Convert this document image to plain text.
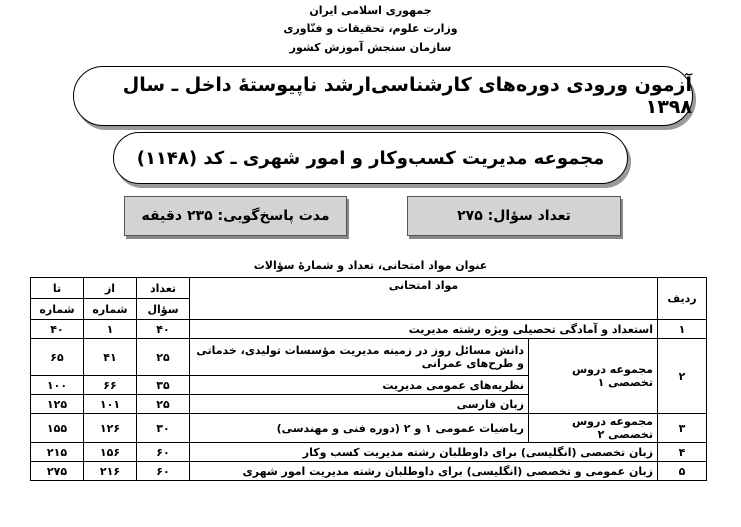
جمهوری اسلامی ایران
وزارت علوم، تحقیقات و فنّاوری
سازمان سنجش آموزش کشور
آزمون ورودی دوره‌های کارشناسی‌ارشد ناپیوستهٔ داخل ـ سال ۱۳۹۸
مجموعه مدیریت کسب‌وکار و امور شهری ـ کد (۱۱۴۸)
تعداد سؤال: ۲۷۵
مدت پاسخ‌گویی: ۲۳۵ دقیقه
عنوان مواد امتحانی، تعداد و شمارهٔ سؤالات
ردیف	مواد امتحانی		تعداد	از	تا
			سؤال	شماره	شماره
۱	استعداد و آمادگی تحصیلی ویژه رشته مدیریت		۴۰	۱	۴۰
۲	مجموعه دروس تخصصی ۱	دانش مسائل روز در زمینه مدیریت مؤسسات تولیدی، خدماتی و طرح‌های عمرانی	۲۵	۴۱	۶۵
		نظریه‌های عمومی مدیریت	۳۵	۶۶	۱۰۰
		زبان فارسی	۲۵	۱۰۱	۱۲۵
۳	مجموعه دروس تخصصی ۲	ریاضیات عمومی ۱ و ۲ (دوره فنی و مهندسی)	۳۰	۱۲۶	۱۵۵
۴	زبان تخصصی (انگلیسی) برای داوطلبان رشته مدیریت کسب وکار		۶۰	۱۵۶	۲۱۵
۵	زبان عمومی و تخصصی (انگلیسی) برای داوطلبان رشته مدیریت امور شهری		۶۰	۲۱۶	۲۷۵
